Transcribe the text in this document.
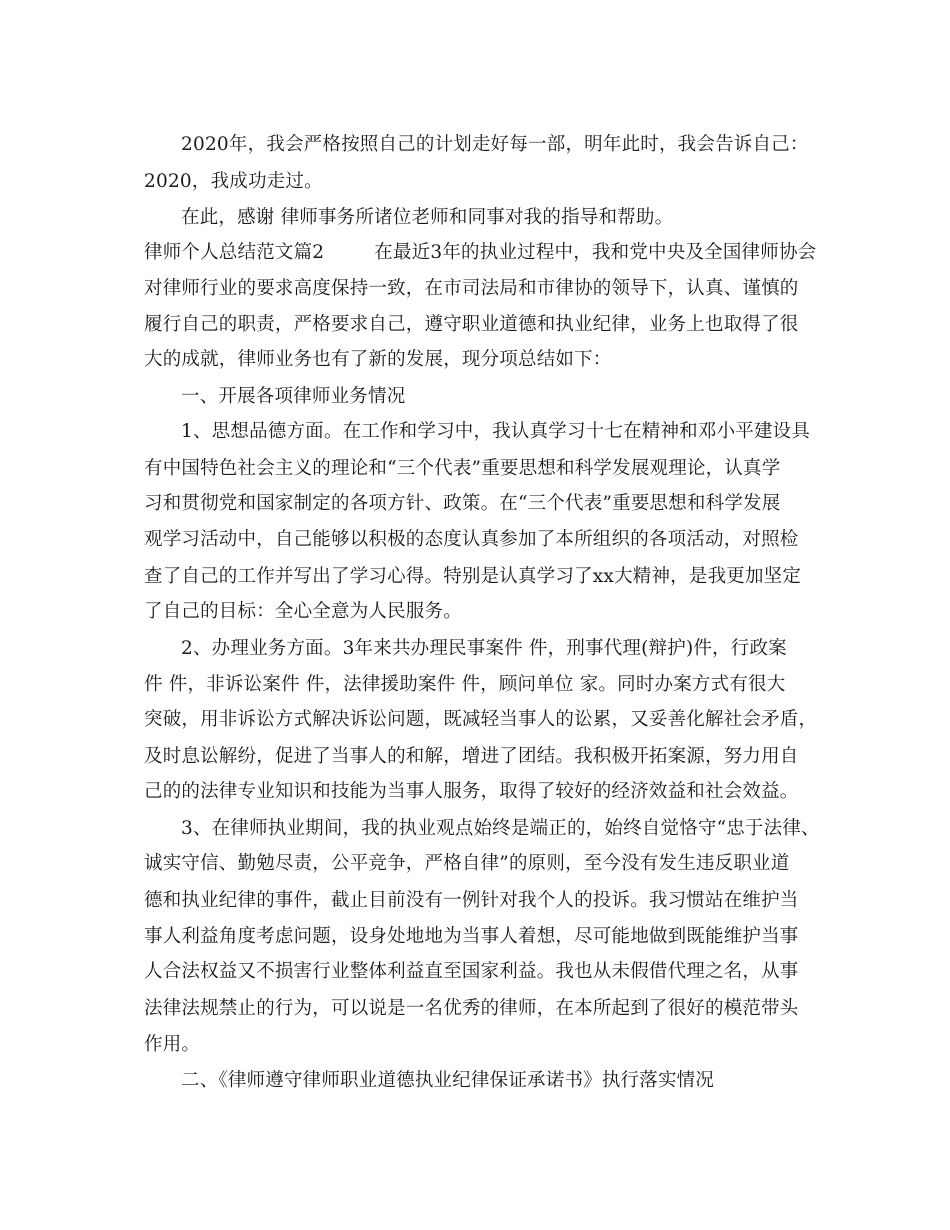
2020年，我会严格按照自己的计划走好每一部，明年此时，我会告诉自己：
2020，我成功走过。
在此，感谢 律师事务所诸位老师和同事对我的指导和帮助。
律师个人总结范文篇2	在最近3年的执业过程中，我和党中央及全国律师协会
对律师行业的要求高度保持一致，在市司法局和市律协的领导下，认真、谨慎的
履行自己的职责，严格要求自己，遵守职业道德和执业纪律，业务上也取得了很
大的成就，律师业务也有了新的发展，现分项总结如下：
一、开展各项律师业务情况
1、思想品德方面。在工作和学习中，我认真学习十七在精神和邓小平建设具
有中国特色社会主义的理论和“三个代表”重要思想和科学发展观理论，认真学
习和贯彻党和国家制定的各项方针、政策。在“三个代表”重要思想和科学发展
观学习活动中，自己能够以积极的态度认真参加了本所组织的各项活动，对照检
查了自己的工作并写出了学习心得。特别是认真学习了xx大精神，是我更加坚定
了自己的目标：全心全意为人民服务。
2、办理业务方面。3年来共办理民事案件 件，刑事代理(辩护)件，行政案
件 件，非诉讼案件 件，法律援助案件 件，顾问单位 家。同时办案方式有很大
突破，用非诉讼方式解决诉讼问题，既减轻当事人的讼累，又妥善化解社会矛盾，
及时息讼解纷，促进了当事人的和解，增进了团结。我积极开拓案源，努力用自
己的的法律专业知识和技能为当事人服务，取得了较好的经济效益和社会效益。
3、在律师执业期间，我的执业观点始终是端正的，始终自觉恪守“忠于法律、
诚实守信、勤勉尽责，公平竞争，严格自律”的原则，至今没有发生违反职业道
德和执业纪律的事件，截止目前没有一例针对我个人的投诉。我习惯站在维护当
事人利益角度考虑问题，设身处地地为当事人着想，尽可能地做到既能维护当事
人合法权益又不损害行业整体利益直至国家利益。我也从未假借代理之名，从事
法律法规禁止的行为，可以说是一名优秀的律师，在本所起到了很好的模范带头
作用。
二、《律师遵守律师职业道德执业纪律保证承诺书》执行落实情况
